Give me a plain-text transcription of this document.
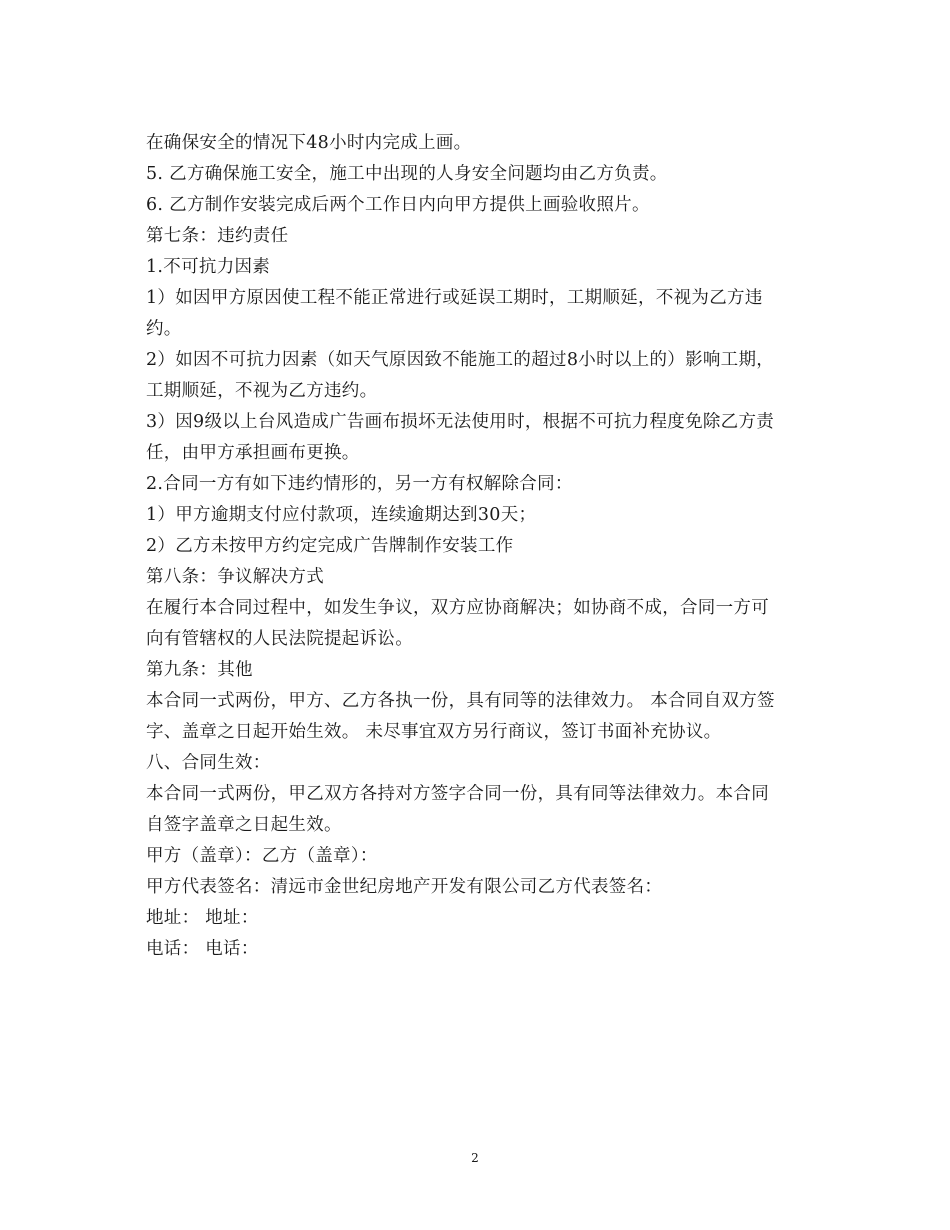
在确保安全的情况下48小时内完成上画。
5. 乙方确保施工安全，施工中出现的人身安全问题均由乙方负责。
6. 乙方制作安装完成后两个工作日内向甲方提供上画验收照片。
第七条：违约责任
1.不可抗力因素
1）如因甲方原因使工程不能正常进行或延误工期时，工期顺延，不视为乙方违
约。
2）如因不可抗力因素（如天气原因致不能施工的超过8小时以上的）影响工期，
工期顺延，不视为乙方违约。
3）因9级以上台风造成广告画布损坏无法使用时，根据不可抗力程度免除乙方责
任，由甲方承担画布更换。
2.合同一方有如下违约情形的，另一方有权解除合同：
1）甲方逾期支付应付款项，连续逾期达到30天；
2）乙方未按甲方约定完成广告牌制作安装工作
第八条：争议解决方式
在履行本合同过程中，如发生争议，双方应协商解决；如协商不成，合同一方可
向有管辖权的人民法院提起诉讼。
第九条：其他
本合同一式两份，甲方、乙方各执一份，具有同等的法律效力。 本合同自双方签
字、盖章之日起开始生效。 未尽事宜双方另行商议，签订书面补充协议。
八、合同生效：
本合同一式两份，甲乙双方各持对方签字合同一份，具有同等法律效力。本合同
自签字盖章之日起生效。
甲方（盖章）：乙方（盖章）：
甲方代表签名：清远市金世纪房地产开发有限公司乙方代表签名：
地址： 地址：
电话： 电话：
2
